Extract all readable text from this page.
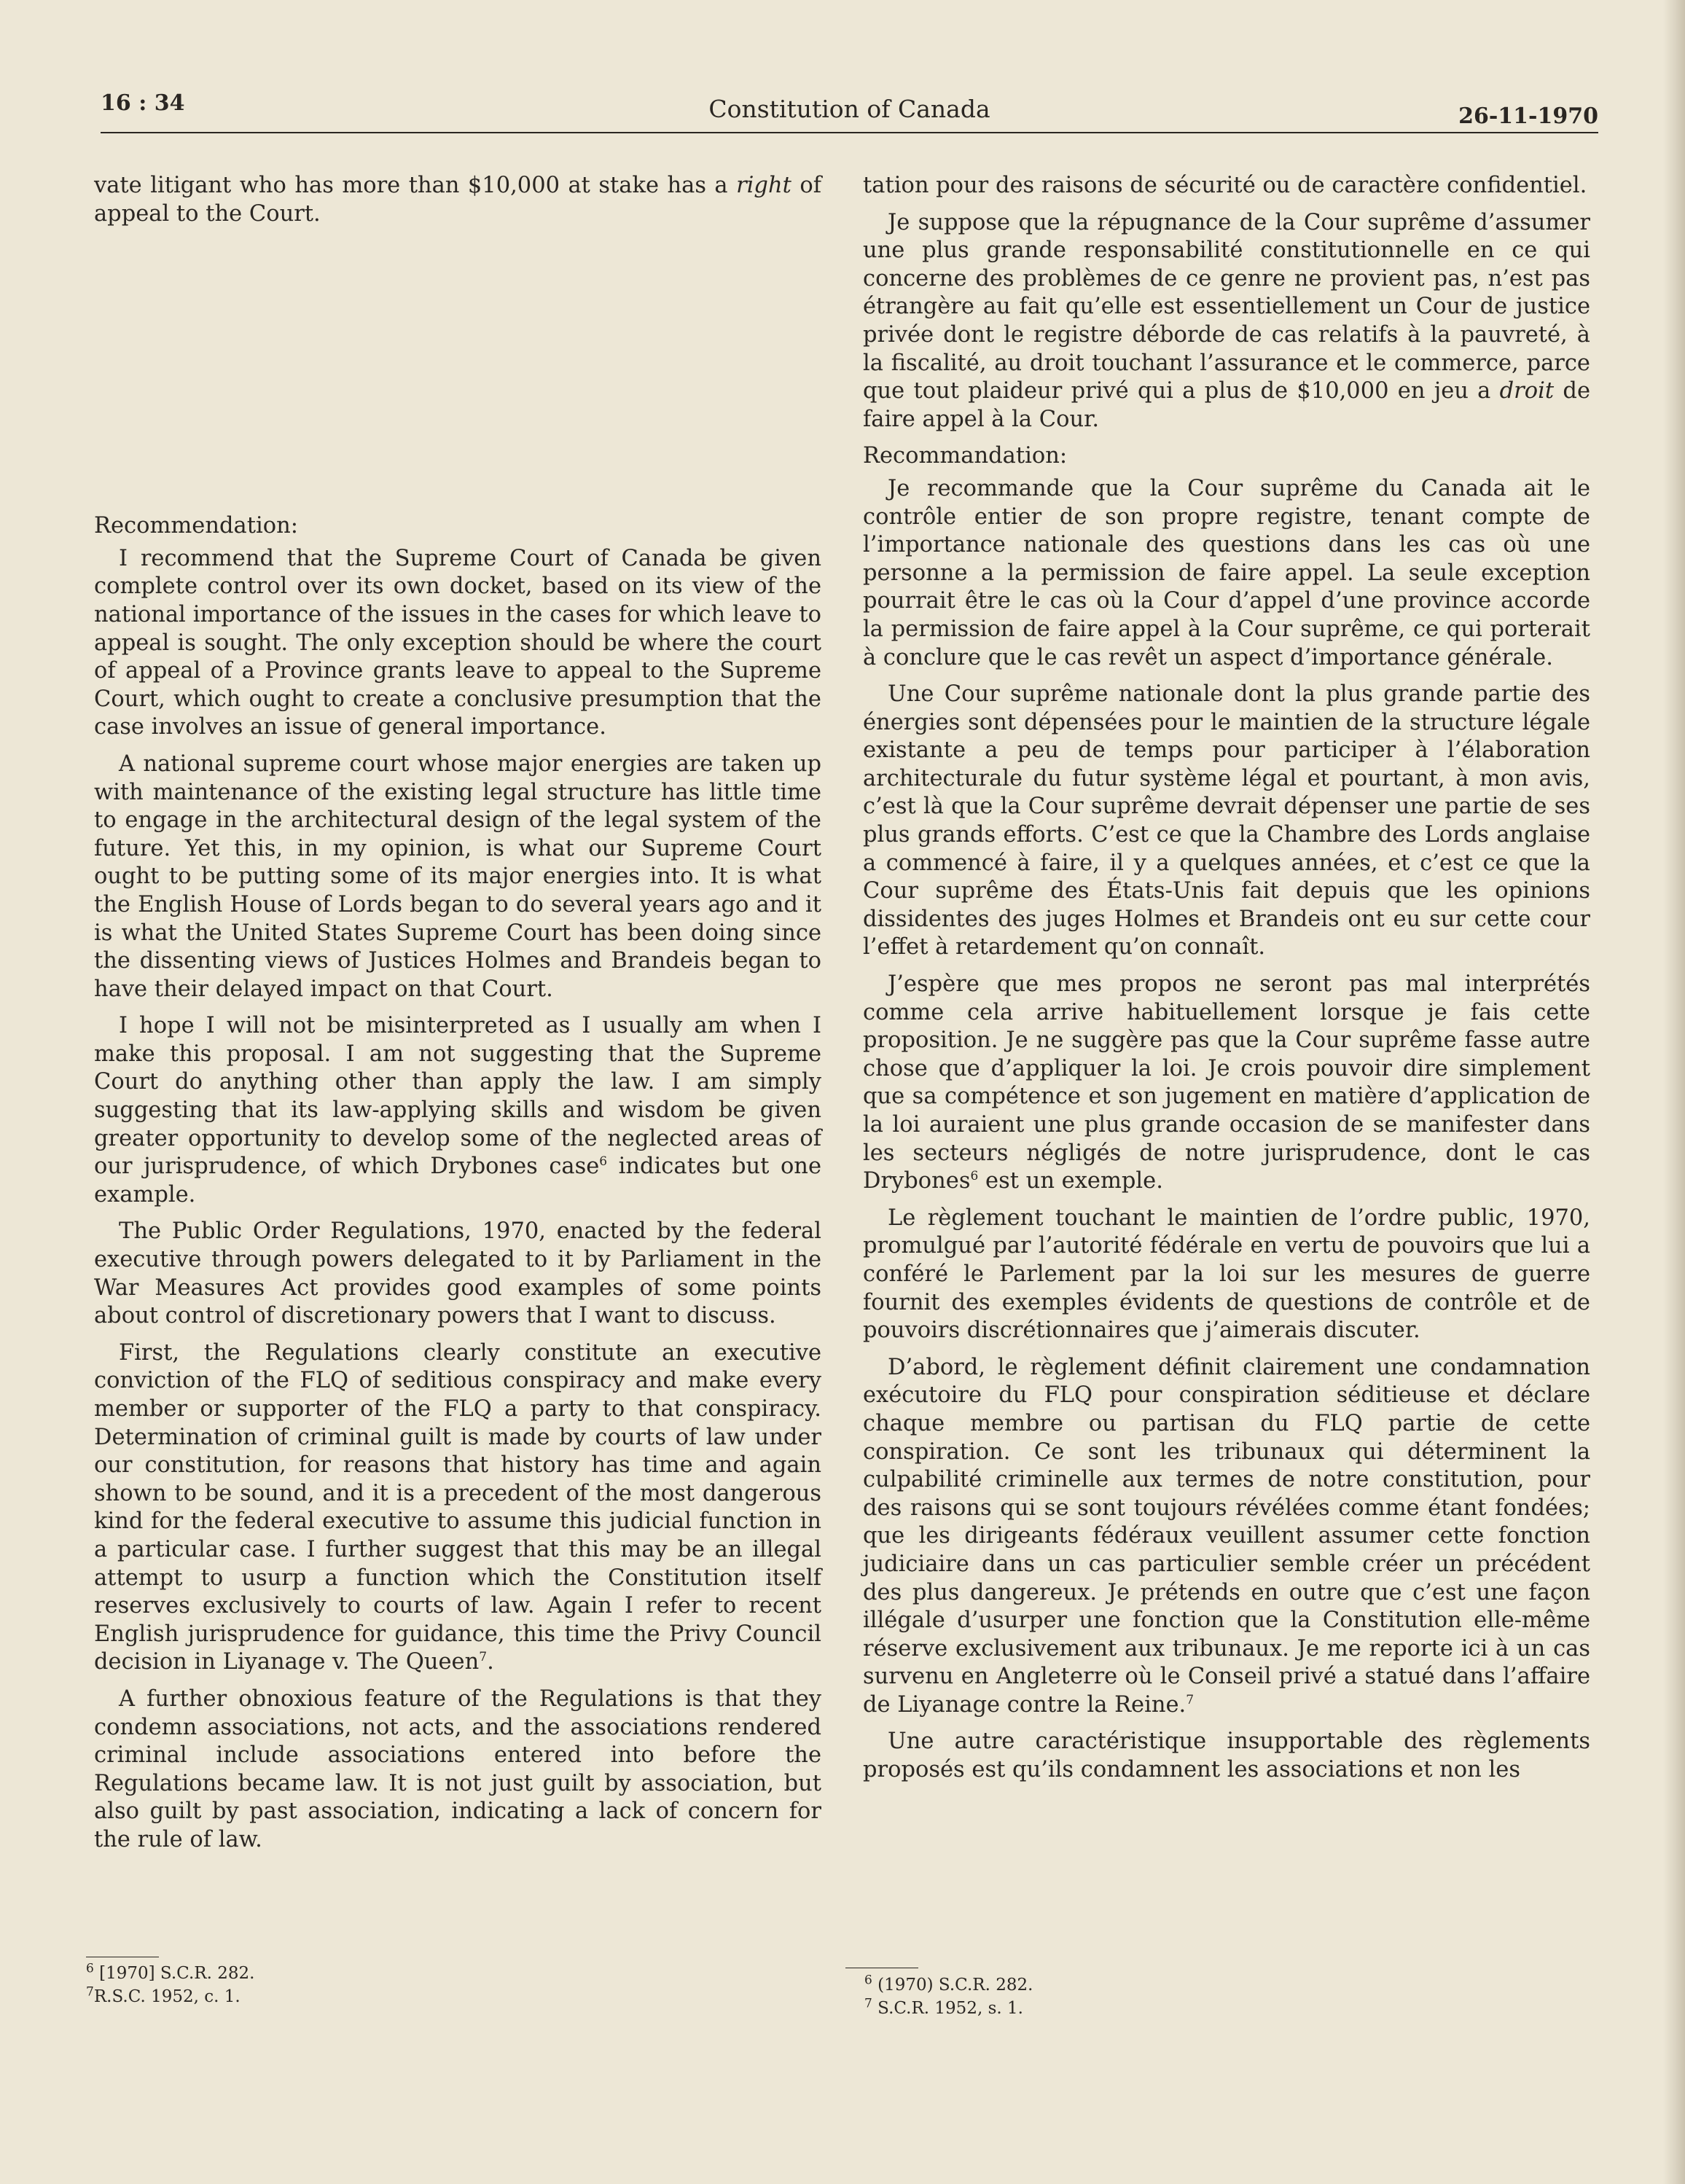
16 : 34	Constitution of Canada	26-11-1970

vate litigant who has more than $10,000 at stake has a right of appeal to the Court.

Recommendation:

I recommend that the Supreme Court of Canada be given complete control over its own docket, based on its view of the national importance of the issues in the cases for which leave to appeal is sought. The only exception should be where the court of appeal of a Province grants leave to appeal to the Supreme Court, which ought to create a conclusive presumption that the case involves an issue of general importance.

A national supreme court whose major energies are taken up with maintenance of the existing legal structure has little time to engage in the architectural design of the legal system of the future. Yet this, in my opinion, is what our Supreme Court ought to be putting some of its major energies into. It is what the English House of Lords began to do several years ago and it is what the United States Supreme Court has been doing since the dissenting views of Justices Holmes and Brandeis began to have their delayed impact on that Court.

I hope I will not be misinterpreted as I usually am when I make this proposal. I am not suggesting that the Supreme Court do anything other than apply the law. I am simply suggesting that its law-applying skills and wisdom be given greater opportunity to develop some of the neglected areas of our jurisprudence, of which Drybones case$^6$ indicates but one example.

The Public Order Regulations, 1970, enacted by the federal executive through powers delegated to it by Parliament in the War Measures Act provides good examples of some points about control of discretionary powers that I want to discuss.

First, the Regulations clearly constitute an executive conviction of the FLQ of seditious conspiracy and make every member or supporter of the FLQ a party to that conspiracy. Determination of criminal guilt is made by courts of law under our constitution, for reasons that history has time and again shown to be sound, and it is a precedent of the most dangerous kind for the federal executive to assume this judicial function in a particular case. I further suggest that this may be an illegal attempt to usurp a function which the Constitution itself reserves exclusively to courts of law. Again I refer to recent English jurisprudence for guidance, this time the Privy Council decision in Liyanage v. The Queen$^7$.

A further obnoxious feature of the Regulations is that they condemn associations, not acts, and the associations rendered criminal include associations entered into before the Regulations became law. It is not just guilt by association, but also guilt by past association, indicating a lack of concern for the rule of law.

$^6$ [1970] S.C.R. 282.
$^7$R.S.C. 1952, c. 1.

tation pour des raisons de sécurité ou de caractère confidentiel.

Je suppose que la répugnance de la Cour suprême d’assumer une plus grande responsabilité constitutionnelle en ce qui concerne des problèmes de ce genre ne provient pas, n’est pas étrangère au fait qu’elle est essentiellement un Cour de justice privée dont le registre déborde de cas relatifs à la pauvreté, à la fiscalité, au droit touchant l’assurance et le commerce, parce que tout plaideur privé qui a plus de $10,000 en jeu a droit de faire appel à la Cour.

Recommandation:

Je recommande que la Cour suprême du Canada ait le contrôle entier de son propre registre, tenant compte de l’importance nationale des questions dans les cas où une personne a la permission de faire appel. La seule exception pourrait être le cas où la Cour d’appel d’une province accorde la permission de faire appel à la Cour suprême, ce qui porterait à conclure que le cas revêt un aspect d’importance générale.

Une Cour suprême nationale dont la plus grande partie des énergies sont dépensées pour le maintien de la structure légale existante a peu de temps pour participer à l’élaboration architecturale du futur système légal et pourtant, à mon avis, c’est là que la Cour suprême devrait dépenser une partie de ses plus grands efforts. C’est ce que la Chambre des Lords anglaise a commencé à faire, il y a quelques années, et c’est ce que la Cour suprême des États-Unis fait depuis que les opinions dissidentes des juges Holmes et Brandeis ont eu sur cette cour l’effet à retardement qu’on connaît.

J’espère que mes propos ne seront pas mal interprétés comme cela arrive habituellement lorsque je fais cette proposition. Je ne suggère pas que la Cour suprême fasse autre chose que d’appliquer la loi. Je crois pouvoir dire simplement que sa compétence et son jugement en matière d’application de la loi auraient une plus grande occasion de se manifester dans les secteurs négligés de notre jurisprudence, dont le cas Drybones$^6$ est un exemple.

Le règlement touchant le maintien de l’ordre public, 1970, promulgué par l’autorité fédérale en vertu de pouvoirs que lui a conféré le Parlement par la loi sur les mesures de guerre fournit des exemples évidents de questions de contrôle et de pouvoirs discrétionnaires que j’aimerais discuter.

D’abord, le règlement définit clairement une condamnation exécutoire du FLQ pour conspiration séditieuse et déclare chaque membre ou partisan du FLQ partie de cette conspiration. Ce sont les tribunaux qui déterminent la culpabilité criminelle aux termes de notre constitution, pour des raisons qui se sont toujours révélées comme étant fondées; que les dirigeants fédéraux veuillent assumer cette fonction judiciaire dans un cas particulier semble créer un précédent des plus dangereux. Je prétends en outre que c’est une façon illégale d’usurper une fonction que la Constitution elle-même réserve exclusivement aux tribunaux. Je me reporte ici à un cas survenu en Angleterre où le Conseil privé a statué dans l’affaire de Liyanage contre la Reine.$^7$

Une autre caractéristique insupportable des règlements proposés est qu’ils condamnent les associations et non les

$^6$ (1970) S.C.R. 282.
$^7$ S.C.R. 1952, s. 1.
